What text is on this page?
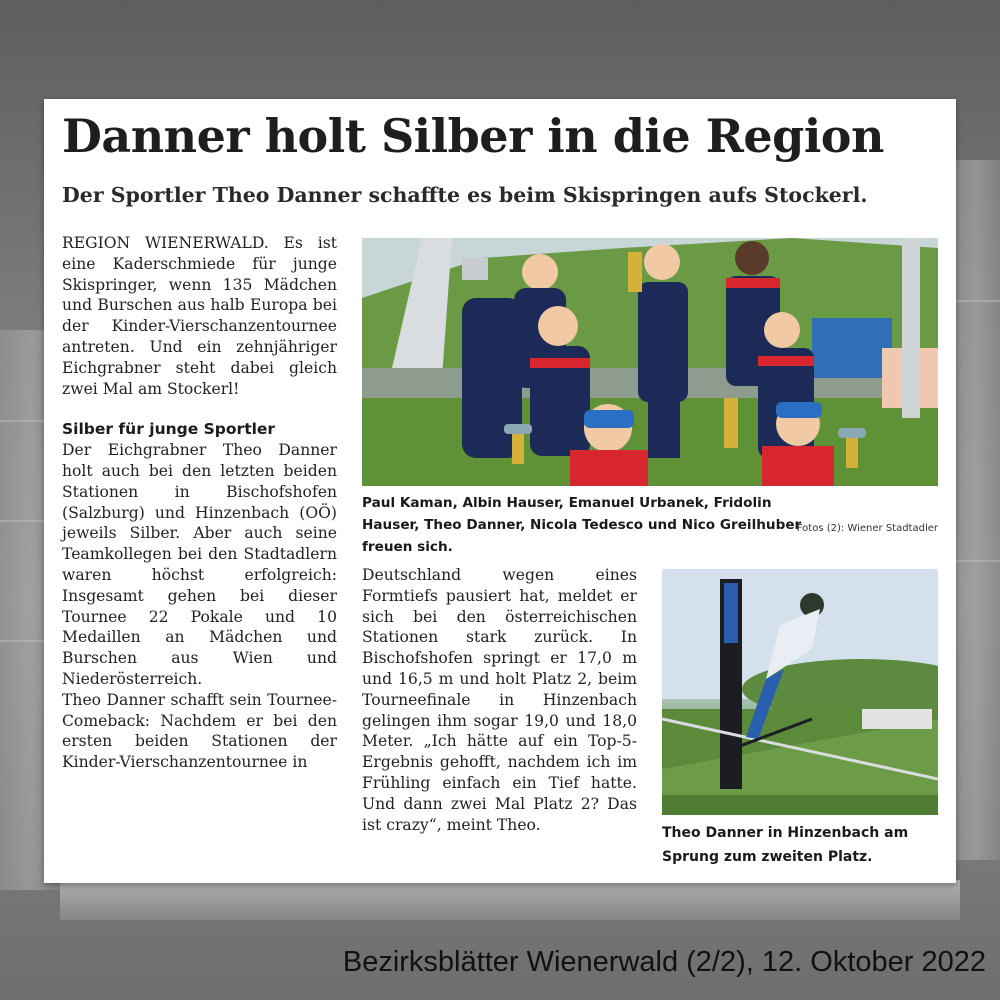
Danner holt Silber in die Region
Der Sportler Theo Danner schaffte es beim Skispringen aufs Stockerl.

REGION WIENERWALD. Es ist eine Kaderschmiede für junge Skispringer, wenn 135 Mädchen und Burschen aus halb Europa bei der Kinder-Vierschanzentournee antreten. Und ein zehnjähriger Eichgrabner steht dabei gleich zwei Mal am Stockerl!

Silber für junge Sportler

Der Eichgrabner Theo Danner holt auch bei den letzten beiden Stationen in Bischofshofen (Salzburg) und Hinzenbach (OÖ) jeweils Silber. Aber auch seine Teamkollegen bei den Stadtadlern waren höchst erfolgreich: Insgesamt gehen bei dieser Tournee 22 Pokale und 10 Medaillen an Mädchen und Burschen aus Wien und Niederösterreich.

Theo Danner schafft sein Tournee-Comeback: Nachdem er bei den ersten beiden Stationen der Kinder-Vierschanzentournee in

Paul Kaman, Albin Hauser, Emanuel Urbanek, Fridolin Hauser, Theo Danner, Nicola Tedesco und Nico Greilhuber freuen sich.

Fotos (2): Wiener Stadtadler

Deutschland wegen eines Formtiefs pausiert hat, meldet er sich bei den österreichischen Stationen stark zurück. In Bischofshofen springt er 17,0 m und 16,5 m und holt Platz 2, beim Tourneefinale in Hinzenbach gelingen ihm sogar 19,0 und 18,0 Meter. „Ich hätte auf ein Top-5-Ergebnis gehofft, nachdem ich im Frühling einfach ein Tief hatte. Und dann zwei Mal Platz 2? Das ist crazy“, meint Theo.	Theo Danner in Hinzenbach am Sprung zum zweiten Platz.

Bezirksblätter Wienerwald (2/2), 12. Oktober 2022
